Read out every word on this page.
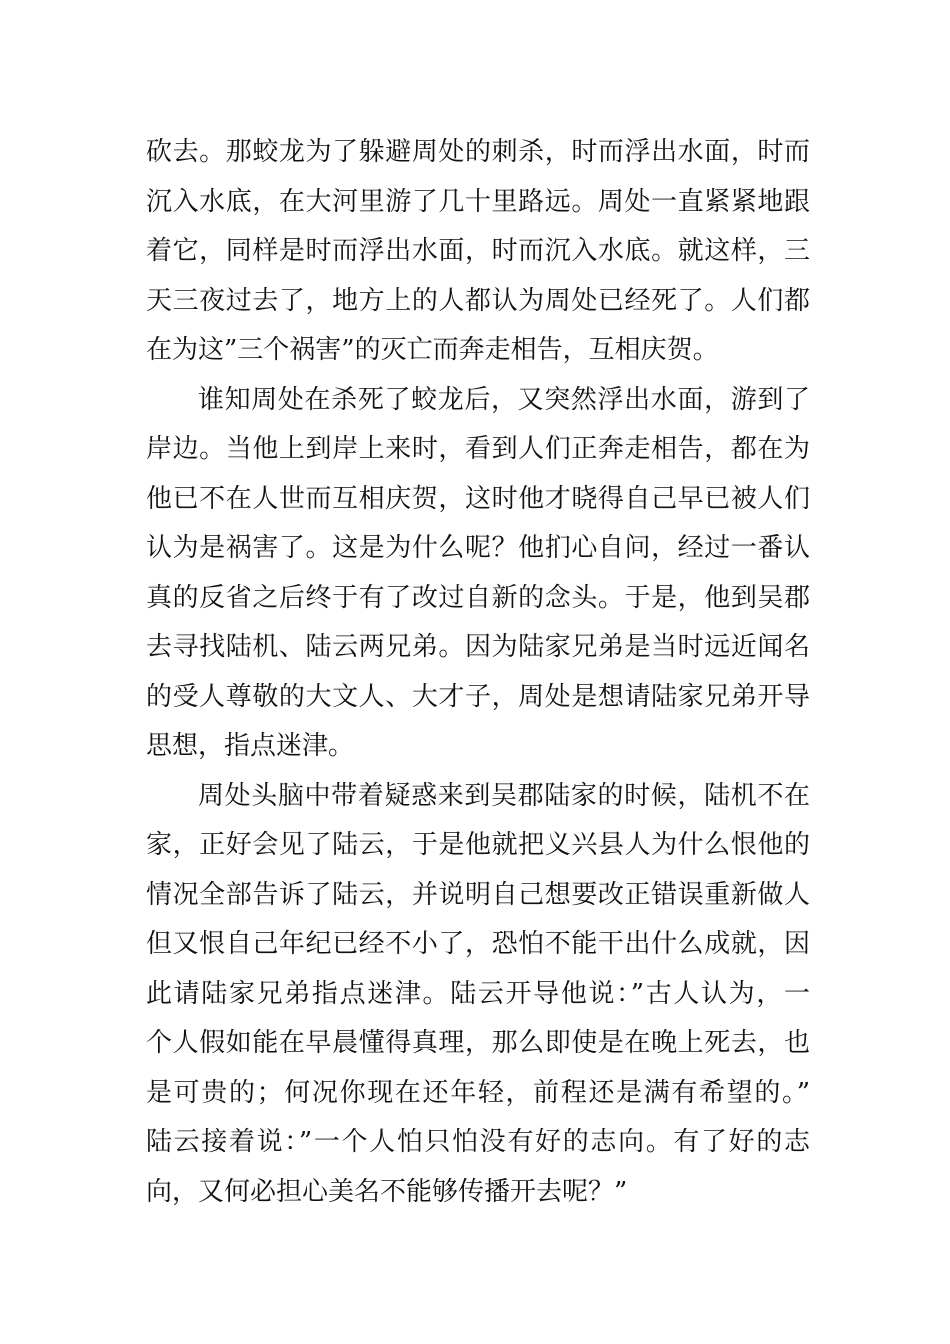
砍去。那蛟龙为了躲避周处的刺杀，时而浮出水面，时而
沉入水底，在大河里游了几十里路远。周处一直紧紧地跟
着它，同样是时而浮出水面，时而沉入水底。就这样，三
天三夜过去了，地方上的人都认为周处已经死了。人们都
在为这”三个祸害”的灭亡而奔走相告，互相庆贺。
谁知周处在杀死了蛟龙后，又突然浮出水面，游到了
岸边。当他上到岸上来时，看到人们正奔走相告，都在为
他已不在人世而互相庆贺，这时他才晓得自己早已被人们
认为是祸害了。这是为什么呢？他扪心自问，经过一番认
真的反省之后终于有了改过自新的念头。于是，他到吴郡
去寻找陆机、陆云两兄弟。因为陆家兄弟是当时远近闻名
的受人尊敬的大文人、大才子，周处是想请陆家兄弟开导
思想，指点迷津。
周处头脑中带着疑惑来到吴郡陆家的时候，陆机不在
家，正好会见了陆云，于是他就把义兴县人为什么恨他的
情况全部告诉了陆云，并说明自己想要改正错误重新做人
但又恨自己年纪已经不小了，恐怕不能干出什么成就，因
此请陆家兄弟指点迷津。陆云开导他说：”古人认为，一
个人假如能在早晨懂得真理，那么即使是在晚上死去，也
是可贵的；何况你现在还年轻，前程还是满有希望的。”
陆云接着说：”一个人怕只怕没有好的志向。有了好的志
向，又何必担心美名不能够传播开去呢？”
